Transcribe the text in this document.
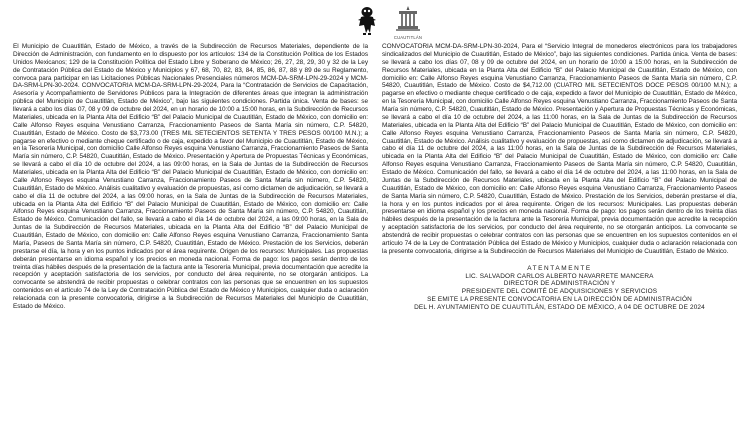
CUAUTITLÁN

El Municipio de Cuautitlán, Estado de México, a través de la Subdirección de Recursos Materiales, dependiente de la Dirección de Administración, con fundamento en lo dispuesto por los artículos: 134 de la Constitución Política de los Estados Unidos Mexicanos; 129 de la Constitución Política del Estado Libre y Soberano de México; 26, 27, 28, 29, 30 y 32 de la Ley de Contratación Pública del Estado de México y Municipios y 67, 68, 70, 82, 83, 84, 85, 86, 87, 88 y 89 de su Reglamento, convoca para participar en las Licitaciones Públicas Nacionales Presenciales números MCM-DA-SRM-LPN-29-2024 y MCM-DA-SRM-LPN-30-2024. CONVOCATORIA MCM-DA-SRM-LPN-29-2024, Para la “Contratación de Servicios de Capacitación, Asesoría y Acompañamiento de Servidores Públicos para la Integración de diferentes áreas que integran la administración pública del Municipio de Cuautitlán, Estado de México”, bajo las siguientes condiciones. Partida única. Venta de bases: se llevará a cabo los días 07, 08 y 09 de octubre del 2024, en un horario de 10:00 a 15:00 horas, en la Subdirección de Recursos Materiales, ubicada en la Planta Alta del Edificio “B” del Palacio Municipal de Cuautitlán, Estado de México, con domicilio en: Calle Alfonso Reyes esquina Venustiano Carranza, Fraccionamiento Paseos de Santa María sin número, C.P. 54820, Cuautitlán, Estado de México. Costo de $3,773.00 (TRES MIL SETECIENTOS SETENTA Y TRES PESOS 00/100 M.N.); a pagarse en efectivo o mediante cheque certificado o de caja, expedido a favor del Municipio de Cuautitlán, Estado de México, en la Tesorería Municipal, con domicilio Calle Alfonso Reyes esquina Venustiano Carranza, Fraccionamiento Paseos de Santa María sin número, C.P. 54820, Cuautitlán, Estado de México. Presentación y Apertura de Propuestas Técnicas y Económicas, se llevará a cabo el día 10 de octubre del 2024, a las 09:00 horas, en la Sala de Juntas de la Subdirección de Recursos Materiales, ubicada en la Planta Alta del Edificio “B” del Palacio Municipal de Cuautitlán, Estado de México, con domicilio en: Calle Alfonso Reyes esquina Venustiano Carranza, Fraccionamiento Paseos de Santa María sin número, C.P. 54820, Cuautitlán, Estado de México. Análisis cualitativo y evaluación de propuestas, así como dictamen de adjudicación, se llevará a cabo el día 11 de octubre del 2024, a las 09:00 horas, en la Sala de Juntas de la Subdirección de Recursos Materiales, ubicada en la Planta Alta del Edificio “B” del Palacio Municipal de Cuautitlán, Estado de México, con domicilio en: Calle Alfonso Reyes esquina Venustiano Carranza, Fraccionamiento Paseos de Santa María sin número, C.P. 54820, Cuautitlán, Estado de México. Comunicación del fallo, se llevará a cabo el día 14 de octubre del 2024, a las 09:00 horas, en la Sala de Juntas de la Subdirección de Recursos Materiales, ubicada en la Planta Alta del Edificio “B” del Palacio Municipal de Cuautitlán, Estado de México, con domicilio en: Calle Alfonso Reyes esquina Venustiano Carranza, Fraccionamiento Santa María, Paseos de Santa María sin número, C.P. 54820, Cuautitlán, Estado de México. Prestación de los Servicios, deberán prestarse el día, la hora y en los puntos indicados por el área requirente. Origen de los recursos: Municipales. Las propuestas deberán presentarse en idioma español y los precios en moneda nacional. Forma de pago: los pagos serán dentro de los treinta días hábiles después de la presentación de la factura ante la Tesorería Municipal, previa documentación que acredite la recepción y aceptación satisfactoria de los servicios, por conducto del área requirente, no se otorgarán anticipos. La convocante se abstendrá de recibir propuestas o celebrar contratos con las personas que se encuentren en los supuestos contenidos en el artículo 74 de la Ley de Contratación Pública del Estado de México y Municipios, cualquier duda o aclaración relacionada con la presente convocatoria, dirigirse a la Subdirección de Recursos Materiales del Municipio de Cuautitlán, Estado de México.

CONVOCATORIA MCM-DA-SRM-LPN-30-2024, Para el “Servicio Integral de monederos electrónicos para los trabajadores sindicalizados del Municipio de Cuautitlán, Estado de México”, bajo las siguientes condiciones. Partida única. Venta de bases: se llevará a cabo los días 07, 08 y 09 de octubre del 2024, en un horario de 10:00 a 15:00 horas, en la Subdirección de Recursos Materiales, ubicada en la Planta Alta del Edificio “B” del Palacio Municipal de Cuautitlán, Estado de México, con domicilio en: Calle Alfonso Reyes esquina Venustiano Carranza, Fraccionamiento Paseos de Santa María sin número, C.P. 54820, Cuautitlán, Estado de México. Costo de $4,712.00 (CUATRO MIL SETECIENTOS DOCE PESOS 00/100 M.N.); a pagarse en efectivo o mediante cheque certificado o de caja, expedido a favor del Municipio de Cuautitlán, Estado de México, en la Tesorería Municipal, con domicilio Calle Alfonso Reyes esquina Venustiano Carranza, Fraccionamiento Paseos de Santa María sin número, C.P. 54820, Cuautitlán, Estado de México. Presentación y Apertura de Propuestas Técnicas y Económicas, se llevará a cabo el día 10 de octubre del 2024, a las 11:00 horas, en la Sala de Juntas de la Subdirección de Recursos Materiales, ubicada en la Planta Alta del Edificio “B” del Palacio Municipal de Cuautitlán, Estado de México, con domicilio en: Calle Alfonso Reyes esquina Venustiano Carranza, Fraccionamiento Paseos de Santa María sin número, C.P. 54820, Cuautitlán, Estado de México. Análisis cualitativo y evaluación de propuestas, así como dictamen de adjudicación, se llevará a cabo el día 11 de octubre del 2024, a las 11:00 horas, en la Sala de Juntas de la Subdirección de Recursos Materiales, ubicada en la Planta Alta del Edificio “B” del Palacio Municipal de Cuautitlán, Estado de México, con domicilio en: Calle Alfonso Reyes esquina Venustiano Carranza, Fraccionamiento Paseos de Santa María sin número, C.P. 54820, Cuautitlán, Estado de México. Comunicación del fallo, se llevará a cabo el día 14 de octubre del 2024, a las 11:00 horas, en la Sala de Juntas de la Subdirección de Recursos Materiales, ubicada en la Planta Alta del Edificio “B” del Palacio Municipal de Cuautitlán, Estado de México, con domicilio en: Calle Alfonso Reyes esquina Venustiano Carranza, Fraccionamiento Paseos de Santa María sin número, C.P. 54820, Cuautitlán, Estado de México. Prestación de los Servicios, deberán prestarse el día, la hora y en los puntos indicados por el área requirente. Origen de los recursos: Municipales. Las propuestas deberán presentarse en idioma español y los precios en moneda nacional. Forma de pago: los pagos serán dentro de los treinta días hábiles después de la presentación de la factura ante la Tesorería Municipal, previa documentación que acredite la recepción y aceptación satisfactoria de los servicios, por conducto del área requirente, no se otorgarán anticipos. La convocante se abstendrá de recibir propuestas o celebrar contratos con las personas que se encuentren en los supuestos contenidos en el artículo 74 de la Ley de Contratación Pública del Estado de México y Municipios, cualquier duda o aclaración relacionada con la presente convocatoria, dirigirse a la Subdirección de Recursos Materiales del Municipio de Cuautitlán, Estado de México.

ATENTAMENTE
LIC. SALVADOR CARLOS ALBERTO NAVARRETE MANCERA
DIRECTOR DE ADMINISTRACIÓN Y
PRESIDENTE DEL COMITÉ DE ADQUISICIONES Y SERVICIOS
SE EMITE LA PRESENTE CONVOCATORIA EN LA DIRECCIÓN DE ADMINISTRACIÓN
DEL H. AYUNTAMIENTO DE CUAUTITLÁN, ESTADO DE MÉXICO, A 04 DE OCTUBRE DE 2024
